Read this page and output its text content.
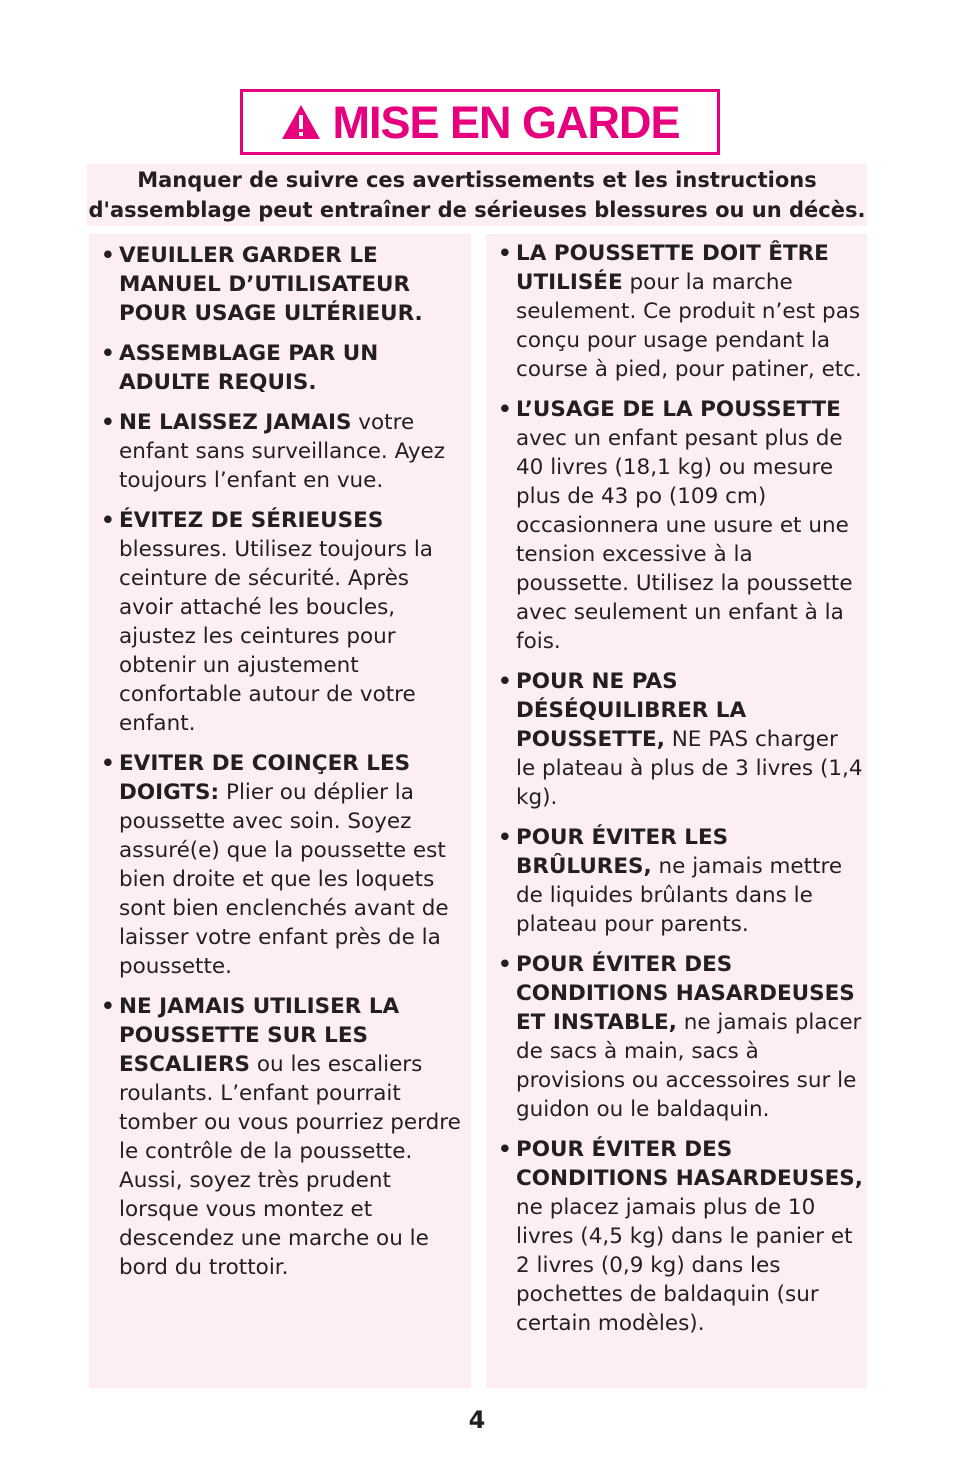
MISE EN GARDE
Manquer de suivre ces avertissements et les instructions
d'assemblage peut entraîner de sérieuses blessures ou un décès.
• VEUILLER GARDER LE MANUEL D’UTILISATEUR POUR USAGE ULTÉRIEUR.
• ASSEMBLAGE PAR UN ADULTE REQUIS.
• NE LAISSEZ JAMAIS votre enfant sans surveillance. Ayez toujours l’enfant en vue.
• ÉVITEZ DE SÉRIEUSES blessures. Utilisez toujours la ceinture de sécurité. Après avoir attaché les boucles, ajustez les ceintures pour obtenir un ajustement confortable autour de votre enfant.
• EVITER DE COINÇER LES DOIGTS: Plier ou déplier la poussette avec soin. Soyez assuré(e) que la poussette est bien droite et que les loquets sont bien enclenchés avant de laisser votre enfant près de la poussette.
• NE JAMAIS UTILISER LA POUSSETTE SUR LES ESCALIERS ou les escaliers roulants. L’enfant pourrait tomber ou vous pourriez perdre le contrôle de la poussette. Aussi, soyez très prudent lorsque vous montez et descendez une marche ou le bord du trottoir.
• LA POUSSETTE DOIT ÊTRE UTILISÉE pour la marche seulement. Ce produit n’est pas conçu pour usage pendant la course à pied, pour patiner, etc.
• L’USAGE DE LA POUSSETTE avec un enfant pesant plus de 40 livres (18,1 kg) ou mesure plus de 43 po (109 cm) occasionnera une usure et une tension excessive à la poussette. Utilisez la poussette avec seulement un enfant à la fois.
• POUR NE PAS DÉSÉQUILIBRER LA POUSSETTE, NE PAS charger le plateau à plus de 3 livres (1,4 kg).
• POUR ÉVITER LES BRÛLURES, ne jamais mettre de liquides brûlants dans le plateau pour parents.
• POUR ÉVITER DES CONDITIONS HASARDEUSES ET INSTABLE, ne jamais placer de sacs à main, sacs à provisions ou accessoires sur le guidon ou le baldaquin.
• POUR ÉVITER DES CONDITIONS HASARDEUSES, ne placez jamais plus de 10 livres (4,5 kg) dans le panier et 2 livres (0,9 kg) dans les pochettes de baldaquin (sur certain modèles).
4
